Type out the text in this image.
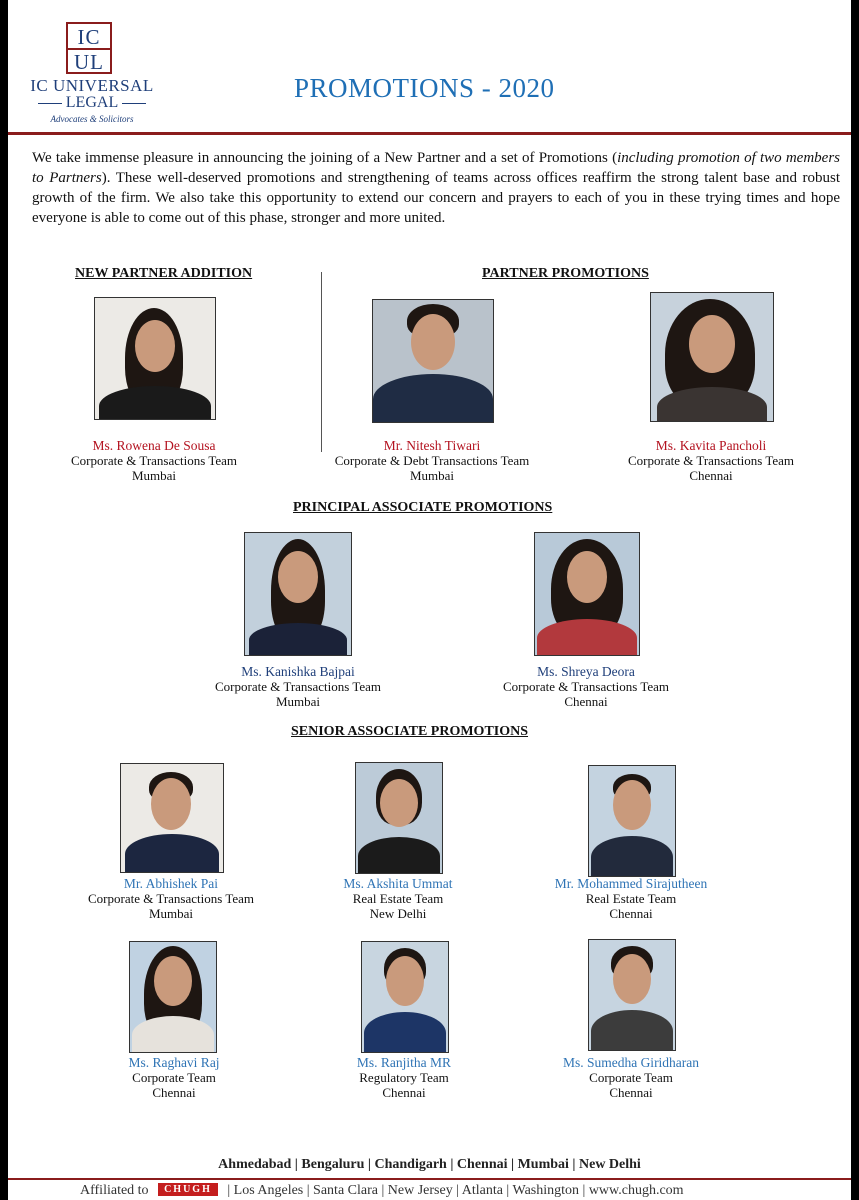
IC
UL
IC UNIVERSAL
LEGAL
Advocates & Solicitors
PROMOTIONS - 2020
We take immense pleasure in announcing the joining of a New Partner and a set of Promotions (including promotion of two members to Partners). These well-deserved promotions and strengthening of teams across offices reaffirm the strong talent base and robust growth of the firm. We also take this opportunity to extend our concern and prayers to each of you in these trying times and hope everyone is able to come out of this phase, stronger and more united.
NEW PARTNER ADDITION	PARTNER PROMOTIONS
PRINCIPAL ASSOCIATE PROMOTIONS
SENIOR ASSOCIATE PROMOTIONS
Ms. Rowena De Sousa
Corporate & Transactions Team
Mumbai
Mr. Nitesh Tiwari
Corporate & Debt Transactions Team
Mumbai
Ms. Kavita Pancholi
Corporate & Transactions Team
Chennai
Ms. Kanishka Bajpai
Corporate & Transactions Team
Mumbai
Ms. Shreya Deora
Corporate & Transactions Team
Chennai
Mr. Abhishek Pai
Corporate & Transactions Team
Mumbai
Ms. Akshita Ummat
Real Estate Team
New Delhi
Mr. Mohammed Sirajutheen
Real Estate Team
Chennai
Ms. Raghavi Raj
Corporate Team
Chennai
Ms. Ranjitha MR
Regulatory Team
Chennai
Ms. Sumedha Giridharan
Corporate Team
Chennai
Ahmedabad | Bengaluru | Chandigarh | Chennai | Mumbai | New Delhi
Affiliated to CHUGH | Los Angeles | Santa Clara | New Jersey | Atlanta | Washington | www.chugh.com
